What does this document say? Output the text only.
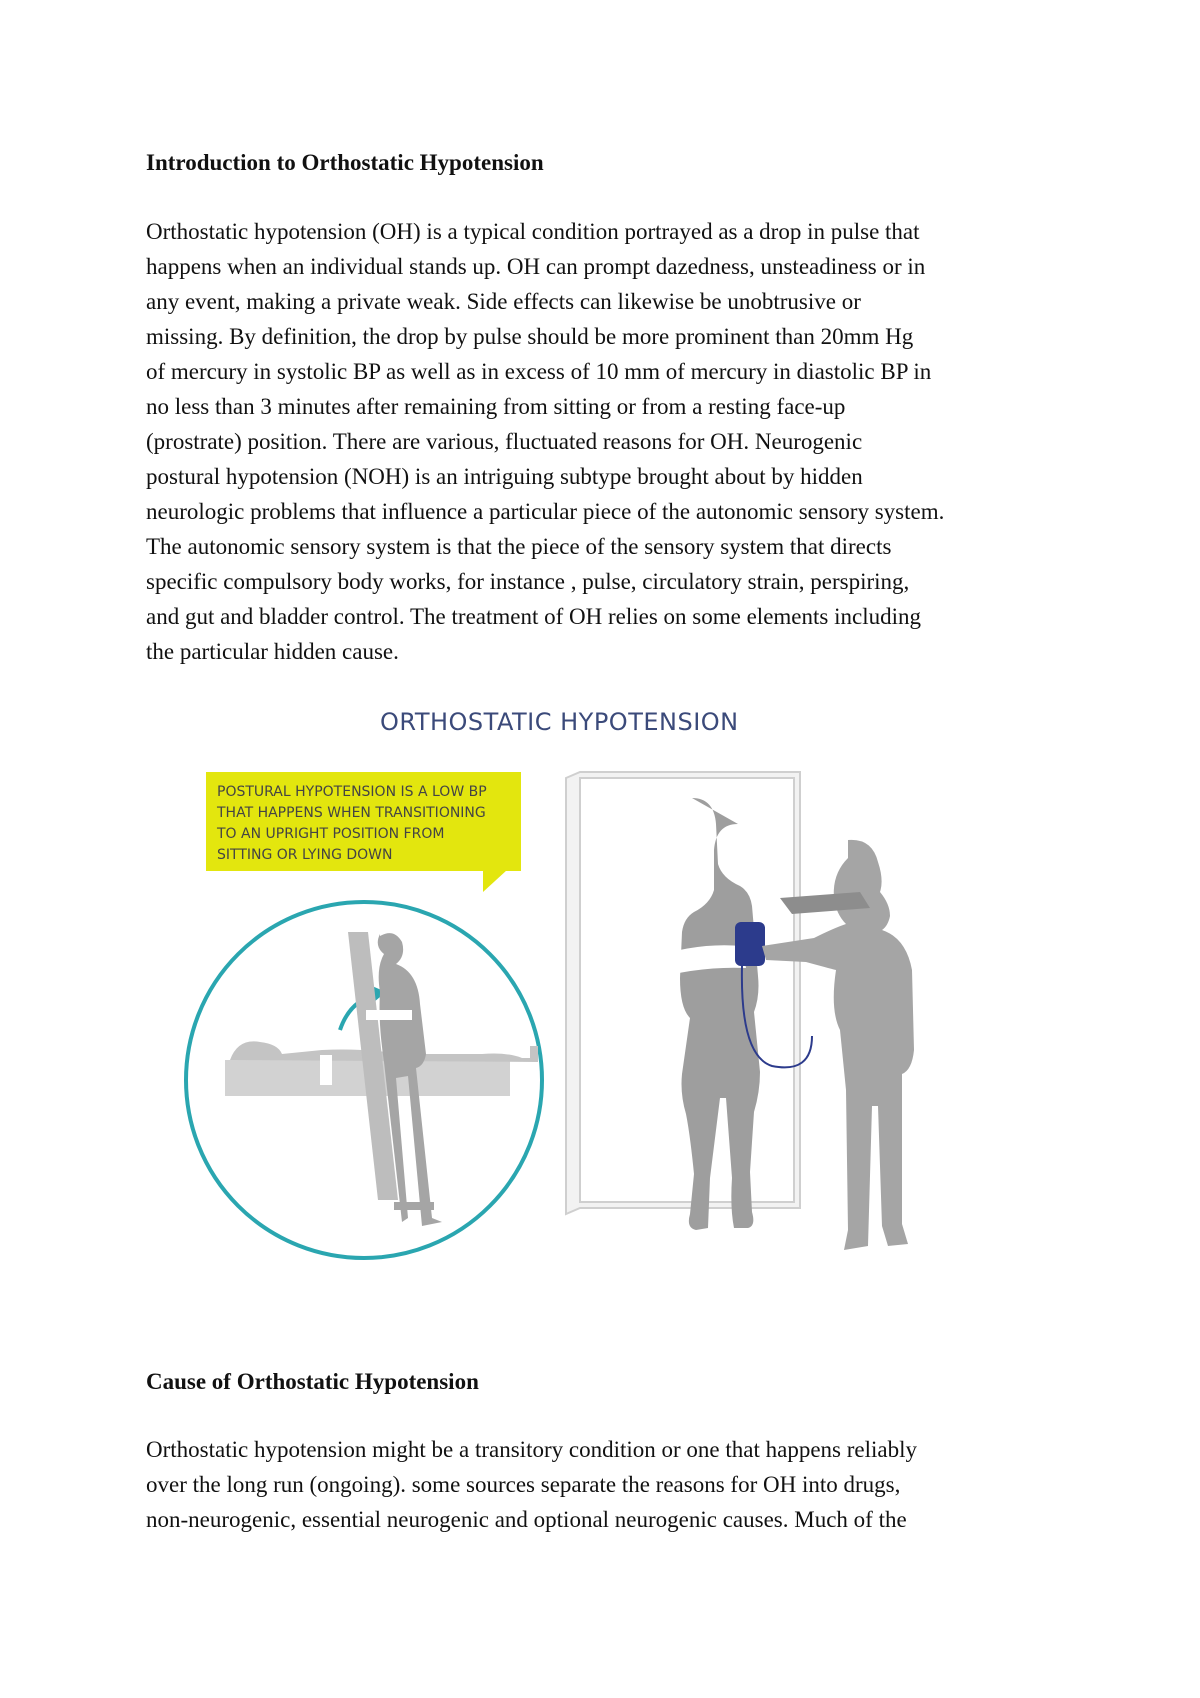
Introduction to Orthostatic Hypotension
Orthostatic hypotension (OH) is a typical condition portrayed as a drop in pulse that
happens when an individual stands up. OH can prompt dazedness, unsteadiness or in
any event, making a private weak. Side effects can likewise be unobtrusive or
missing. By definition, the drop by pulse should be more prominent than 20mm Hg
of mercury in systolic BP as well as in excess of 10 mm of mercury in diastolic BP in
no less than 3 minutes after remaining from sitting or from a resting face-up
(prostrate) position. There are various, fluctuated reasons for OH. Neurogenic
postural hypotension (NOH) is an intriguing subtype brought about by hidden
neurologic problems that influence a particular piece of the autonomic sensory system.
The autonomic sensory system is that the piece of the sensory system that directs
specific compulsory body works, for instance , pulse, circulatory strain, perspiring,
and gut and bladder control. The treatment of OH relies on some elements including
the particular hidden cause.
ORTHOSTATIC HYPOTENSION
POSTURAL HYPOTENSION IS A LOW BP
THAT HAPPENS WHEN TRANSITIONING
TO AN UPRIGHT POSITION FROM
SITTING OR LYING DOWN
Cause of Orthostatic Hypotension
Orthostatic hypotension might be a transitory condition or one that happens reliably
over the long run (ongoing). some sources separate the reasons for OH into drugs,
non-neurogenic, essential neurogenic and optional neurogenic causes. Much of the
